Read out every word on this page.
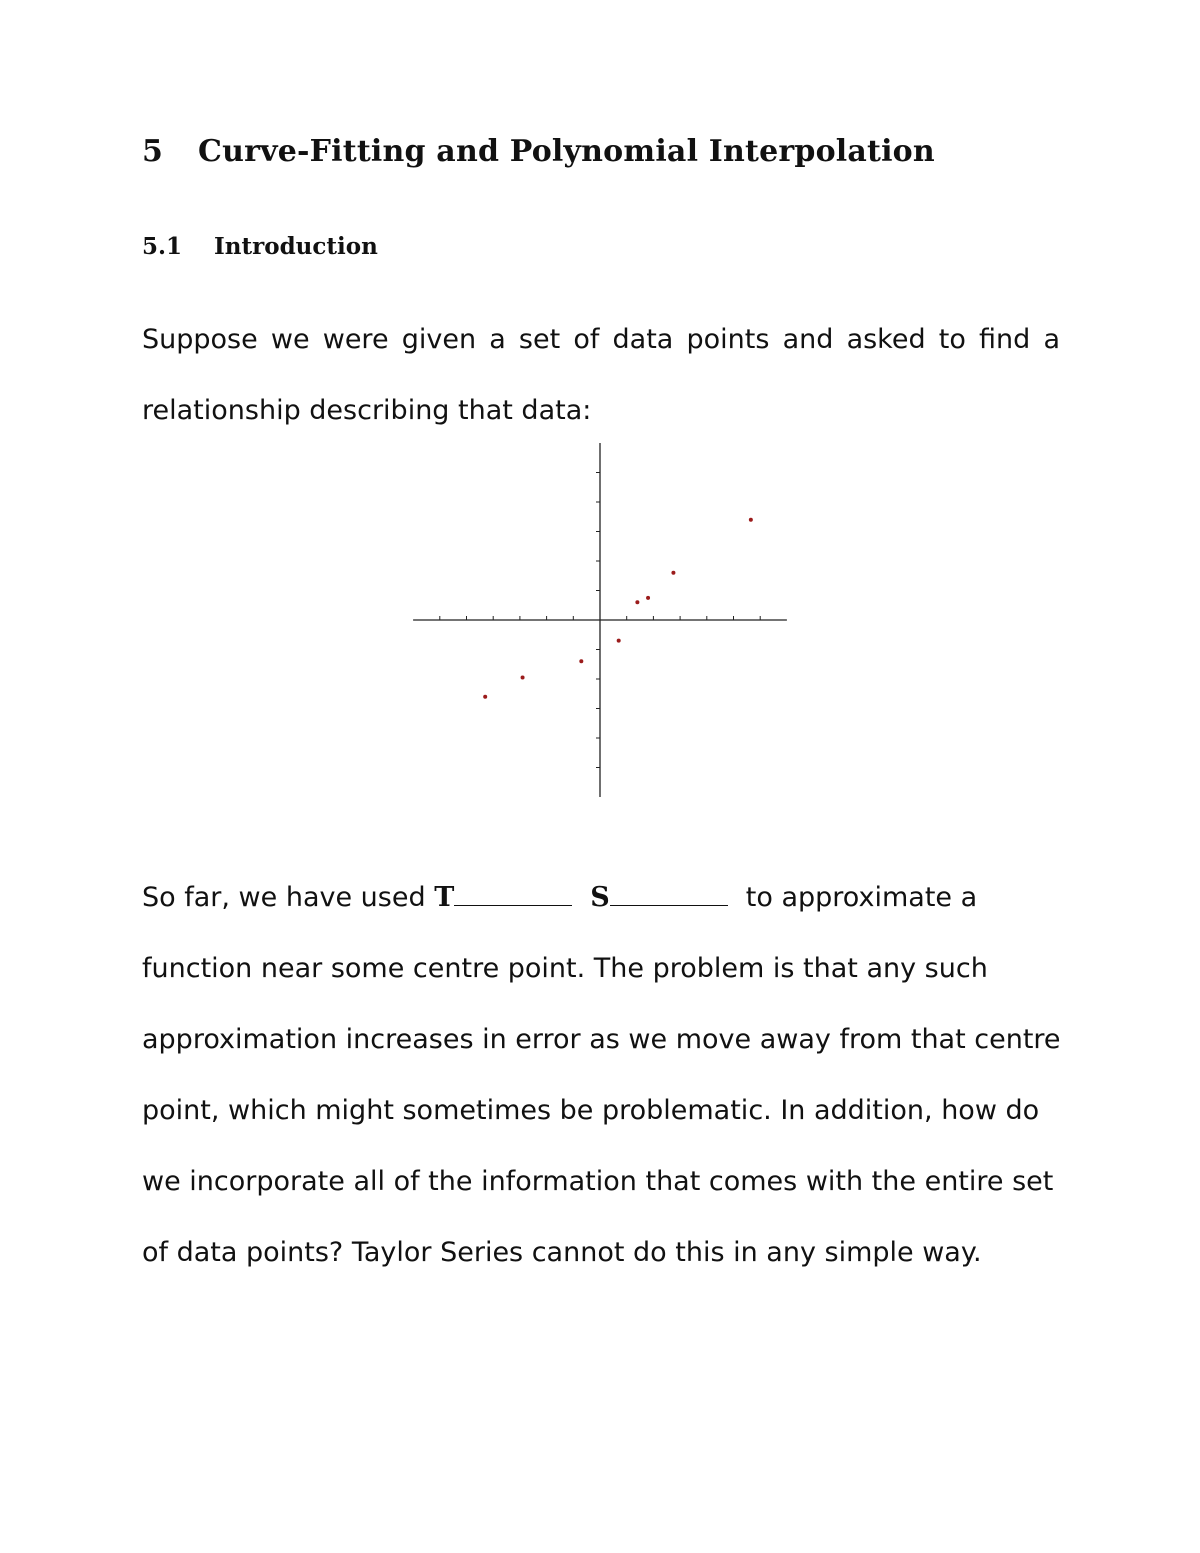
5 Curve-Fitting and Polynomial Interpolation
5.1 Introduction
Suppose we were given a set of data points and asked to find a
relationship describing that data:
So far, we have used T	S	to approximate a
function near some centre point. The problem is that any such
approximation increases in error as we move away from that centre
point, which might sometimes be problematic. In addition, how do
we incorporate all of the information that comes with the entire set
of data points? Taylor Series cannot do this in any simple way.
